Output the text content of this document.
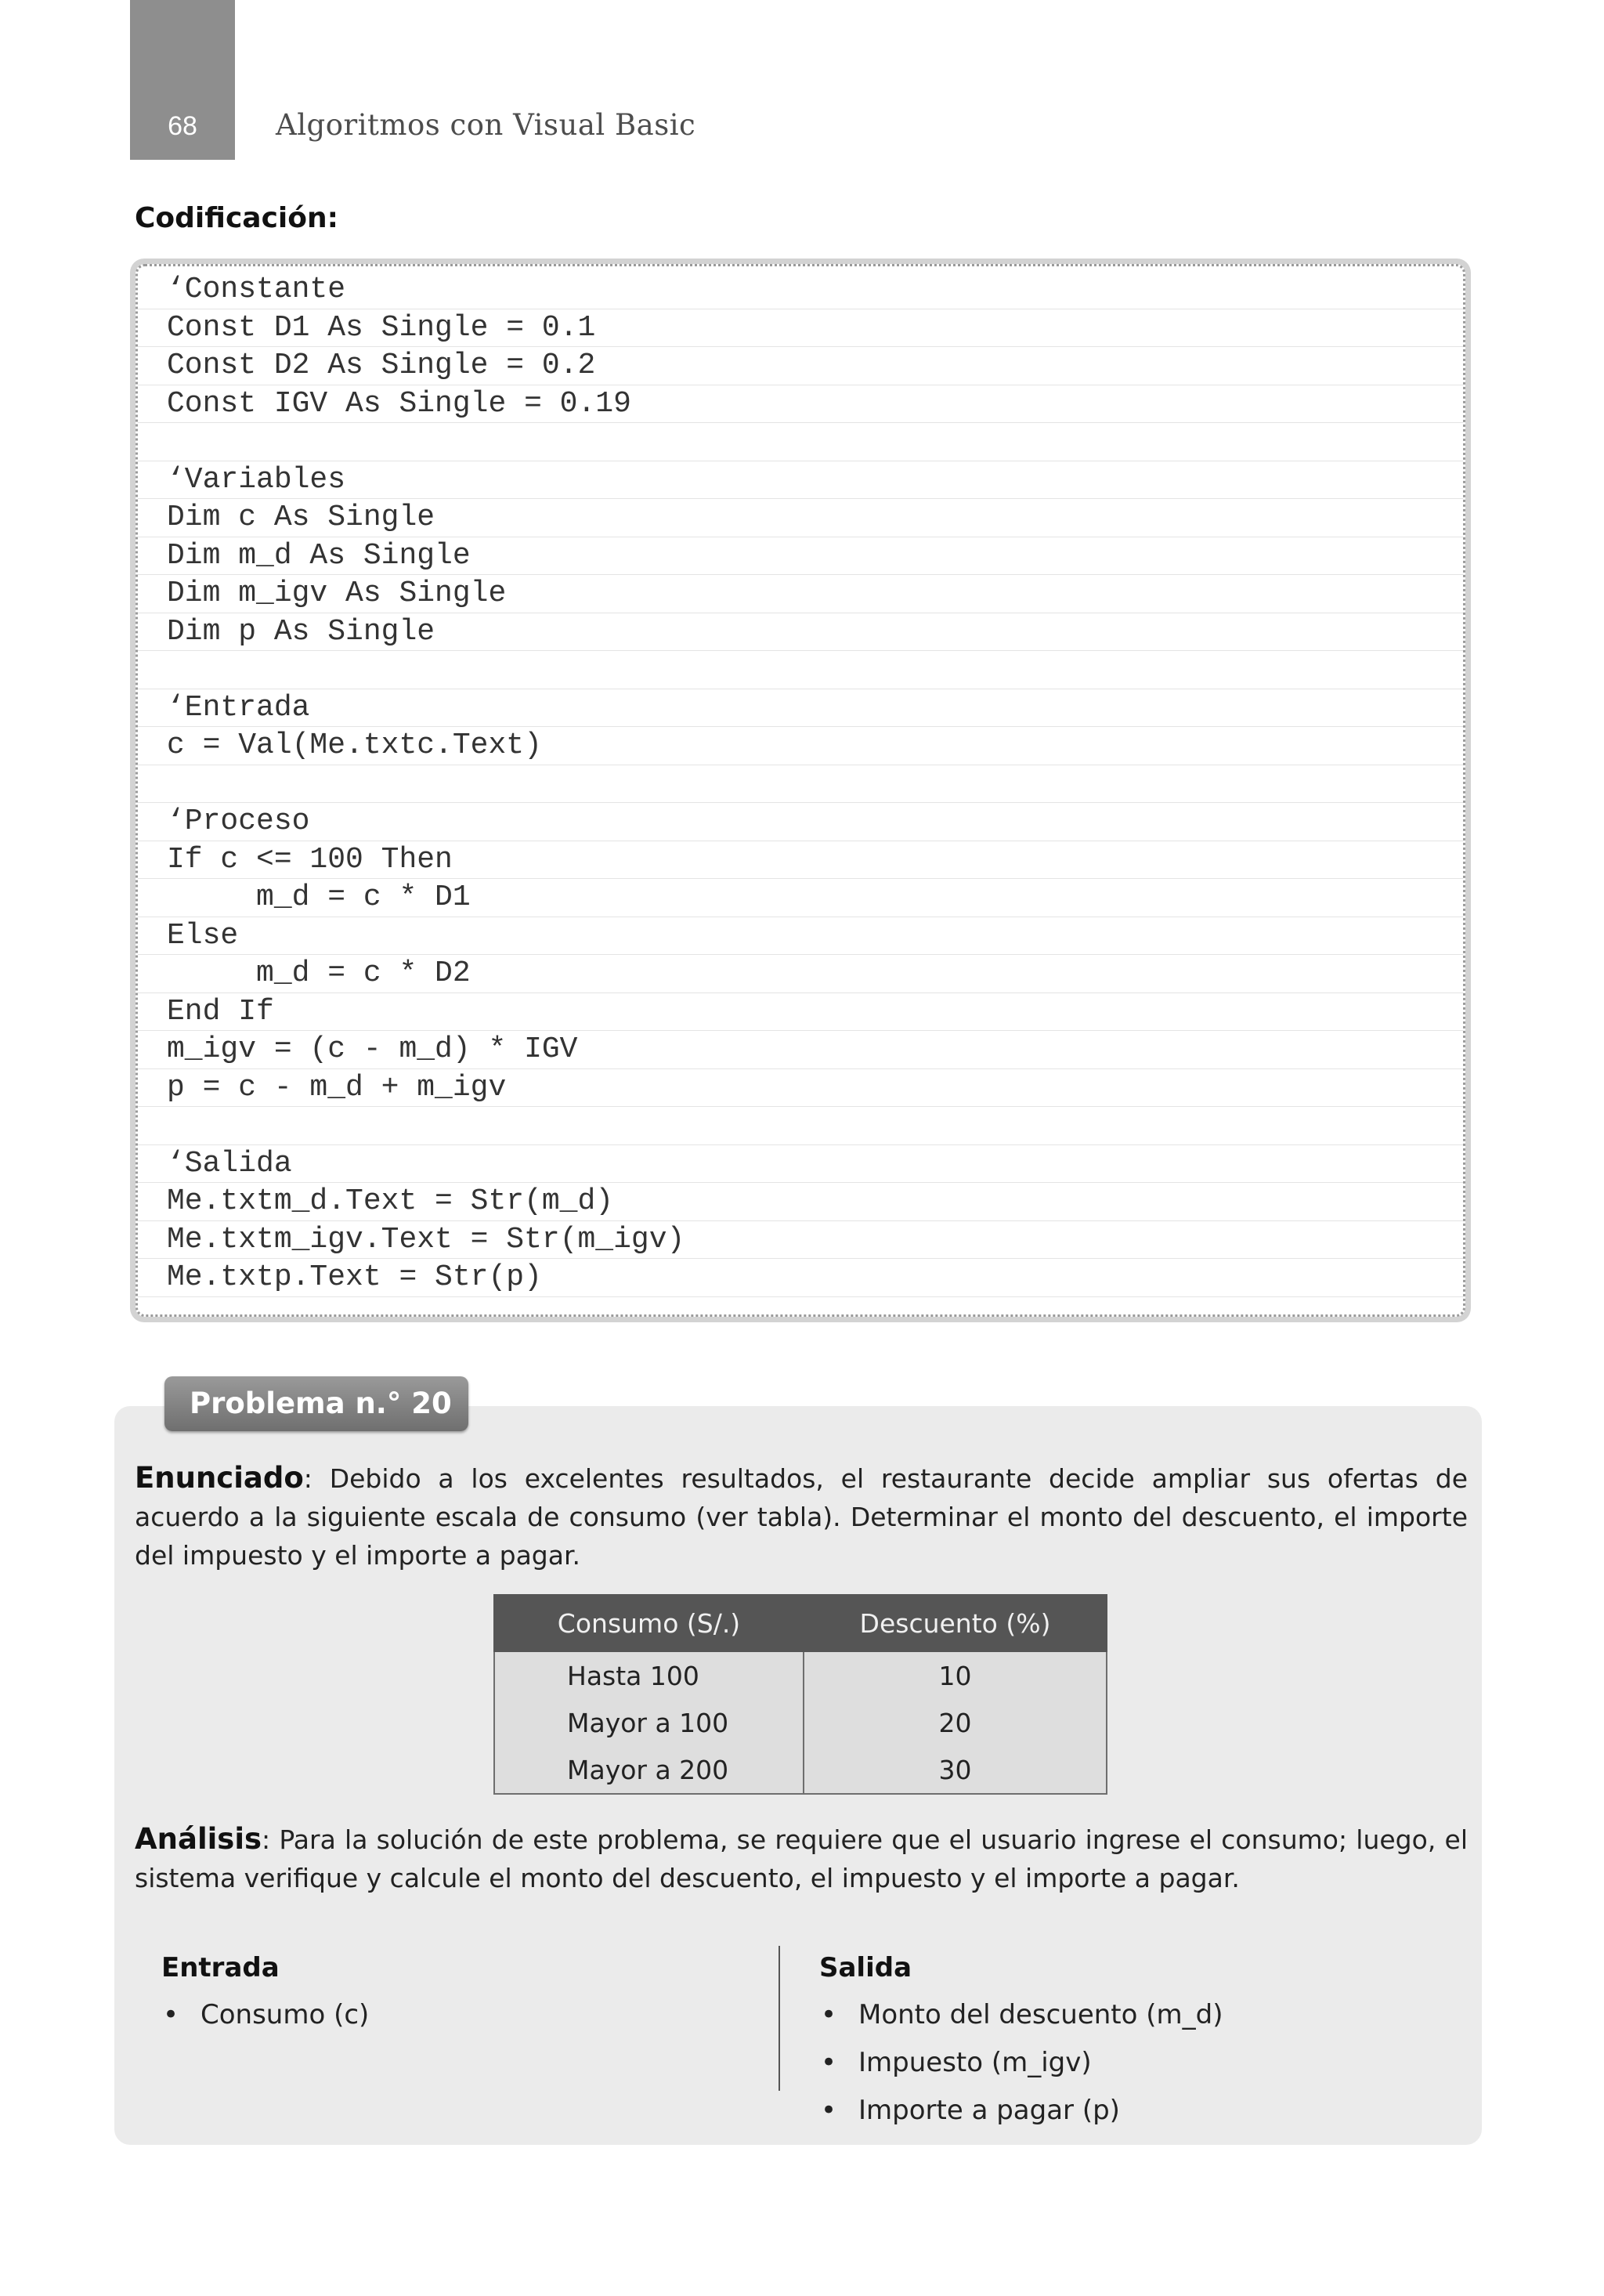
68	Algoritmos con Visual Basic
Codificación:
‘Constante
Const D1 As Single = 0.1
Const D2 As Single = 0.2
Const IGV As Single = 0.19
‘Variables
Dim c As Single
Dim m_d As Single
Dim m_igv As Single
Dim p As Single
‘Entrada
c = Val(Me.txtc.Text)
‘Proceso
If c <= 100 Then
m_d = c * D1
Else
m_d = c * D2
End If
m_igv = (c - m_d) * IGV
p = c - m_d + m_igv
‘Salida
Me.txtm_d.Text = Str(m_d)
Me.txtm_igv.Text = Str(m_igv)
Me.txtp.Text = Str(p)
Problema n.° 20
Enunciado: Debido a los excelentes resultados, el restaurante decide ampliar sus ofertas de acuerdo a la siguiente escala de consumo (ver tabla). Determinar el monto del descuento, el importe del impuesto y el importe a pagar.
Consumo (S/.)	Descuento (%)
Hasta 100	10
Mayor a 100	20
Mayor a 200	30
Análisis: Para la solución de este problema, se requiere que el usuario ingrese el consumo; luego, el sistema verifique y calcule el monto del descuento, el impuesto y el importe a pagar.
Entrada
• Consumo (c)
Salida
• Monto del descuento (m_d)
• Impuesto (m_igv)
• Importe a pagar (p)
